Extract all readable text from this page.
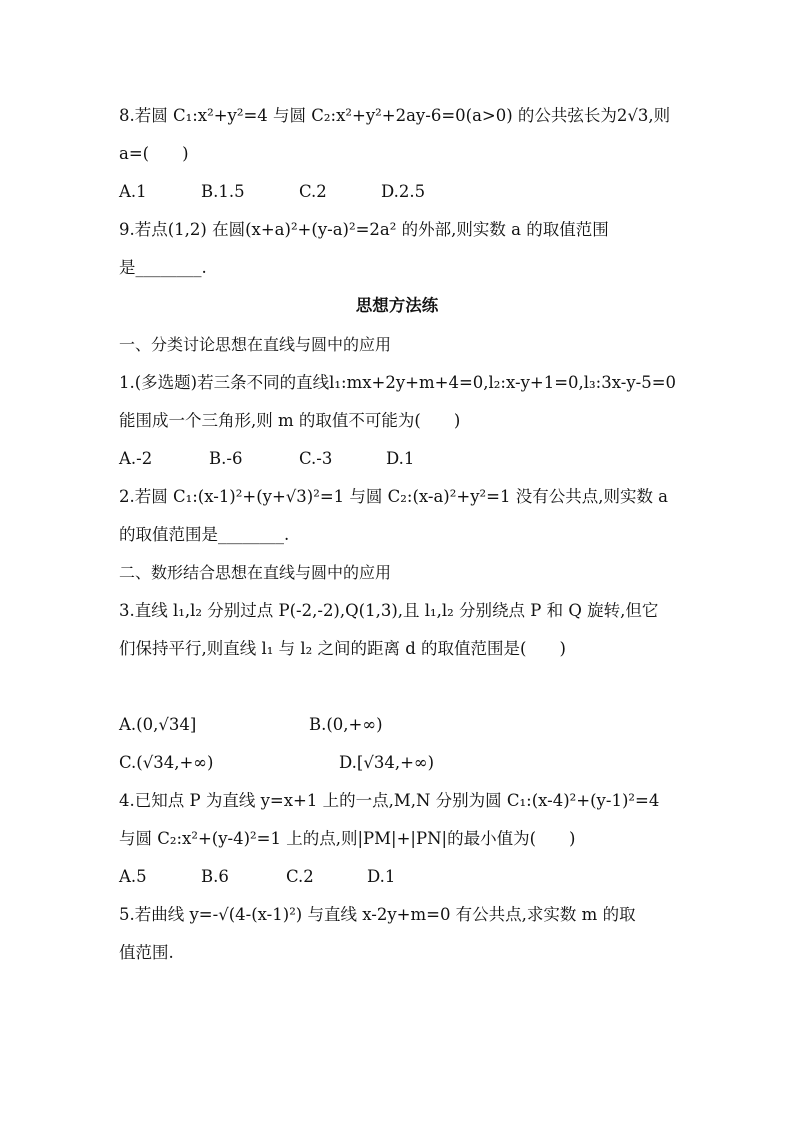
8.若圆 C₁:x²+y²=4 与圆 C₂:x²+y²+2ay-6=0(a>0) 的公共弦长为2√3,则
a=(　　)
A.1	B.1.5	C.2	D.2.5
9.若点(1,2) 在圆(x+a)²+(y-a)²=2a² 的外部,则实数 a 的取值范围
是________.
思想方法练
一、分类讨论思想在直线与圆中的应用
1.(多选题)若三条不同的直线l₁:mx+2y+m+4=0,l₂:x-y+1=0,l₃:3x-y-5=0
能围成一个三角形,则 m 的取值不可能为(　　)
A.-2	B.-6	C.-3	D.1
2.若圆 C₁:(x-1)²+(y+√3)²=1 与圆 C₂:(x-a)²+y²=1 没有公共点,则实数 a
的取值范围是________.
二、数形结合思想在直线与圆中的应用
3.直线 l₁,l₂ 分别过点 P(-2,-2),Q(1,3),且 l₁,l₂ 分别绕点 P 和 Q 旋转,但它
们保持平行,则直线 l₁ 与 l₂ 之间的距离 d 的取值范围是(　　)
A.(0,√34]	B.(0,+∞)
C.(√34,+∞)	D.[√34,+∞)
4.已知点 P 为直线 y=x+1 上的一点,M,N 分别为圆 C₁:(x-4)²+(y-1)²=4
与圆 C₂:x²+(y-4)²=1 上的点,则|PM|+|PN|的最小值为(　　)
A.5	B.6	C.2	D.1
5.若曲线 y=-√(4-(x-1)²) 与直线 x-2y+m=0 有公共点,求实数 m 的取
值范围.
